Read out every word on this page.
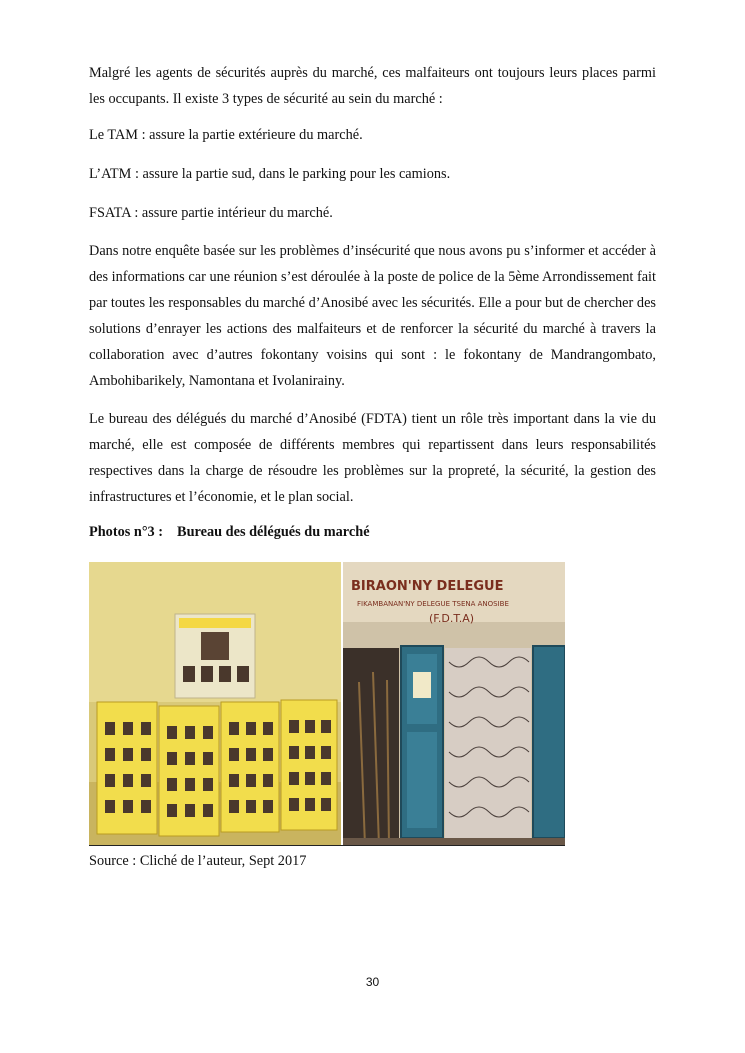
Malgré les agents de sécurités auprès du marché, ces malfaiteurs ont toujours leurs places parmi les occupants. Il existe 3 types de sécurité au sein du marché :

Le TAM : assure la partie extérieure du marché.

L’ATM : assure la partie sud, dans le parking pour les camions.

FSATA : assure partie intérieur du marché.

Dans notre enquête basée sur les problèmes d’insécurité que nous avons pu s’informer et accéder à des informations car une réunion s’est déroulée à la poste de police de la 5ème Arrondissement fait par toutes les responsables du marché d’Anosibé avec les sécurités. Elle a pour but de chercher des solutions d’enrayer les actions des malfaiteurs et de renforcer la sécurité du marché à travers la collaboration avec d’autres fokontany voisins qui sont : le fokontany de Mandrangombato, Ambohibarikely, Namontana et Ivolanirainy.

Le bureau des délégués du marché d’Anosibé (FDTA) tient un rôle très important dans la vie du marché, elle est composée de différents membres qui repartissent dans leurs responsabilités respectives dans la charge de résoudre les problèmes sur la propreté, la sécurité, la gestion des infrastructures et l’économie, et le plan social.

Photos n°3 : Bureau des délégués du marché

BIRAON'NY DELEGUE
FIKAMBANAN'NY DELEGUE TSENA ANOSIBE
(F.D.T.A)

Source : Cliché de l’auteur, Sept 2017

30
